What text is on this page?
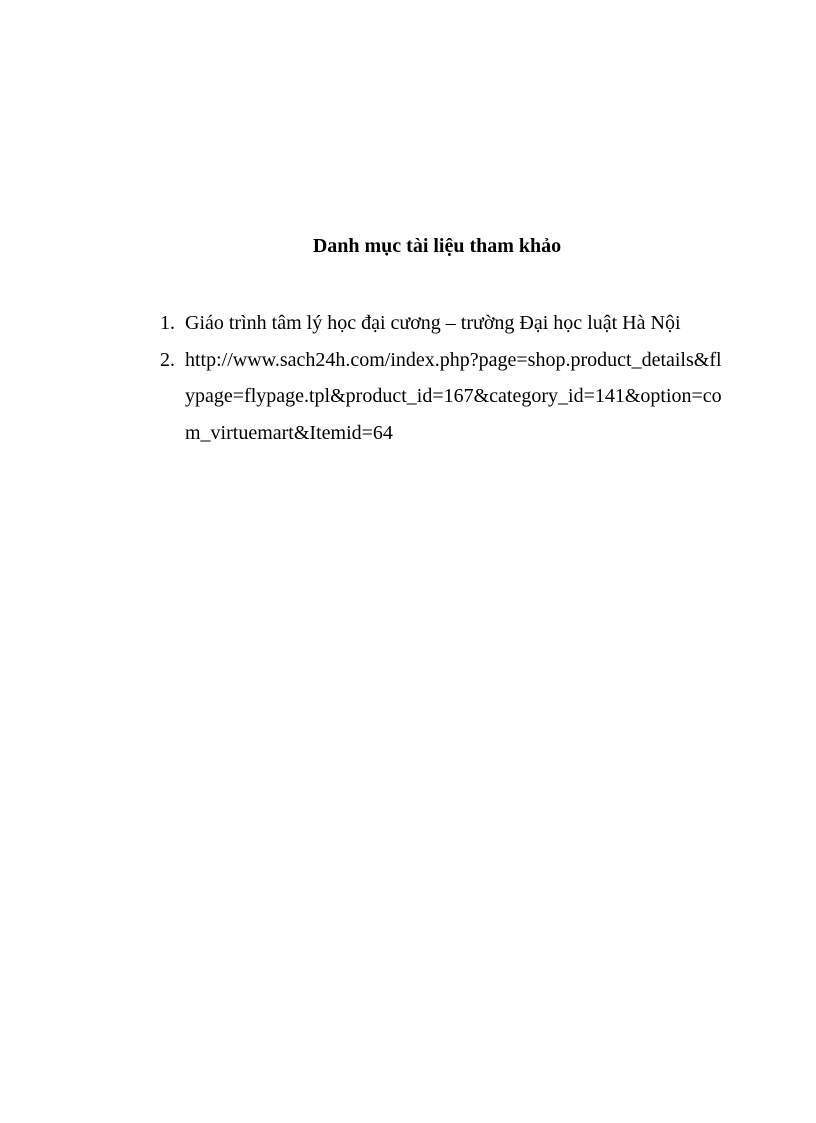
Danh mục tài liệu tham khảo
1. Giáo trình tâm lý học đại cương – trường Đại học luật Hà Nội
2. http://www.sach24h.com/index.php?page=shop.product_details&flypage=flypage.tpl&product_id=167&category_id=141&option=com_virtuemart&Itemid=64
